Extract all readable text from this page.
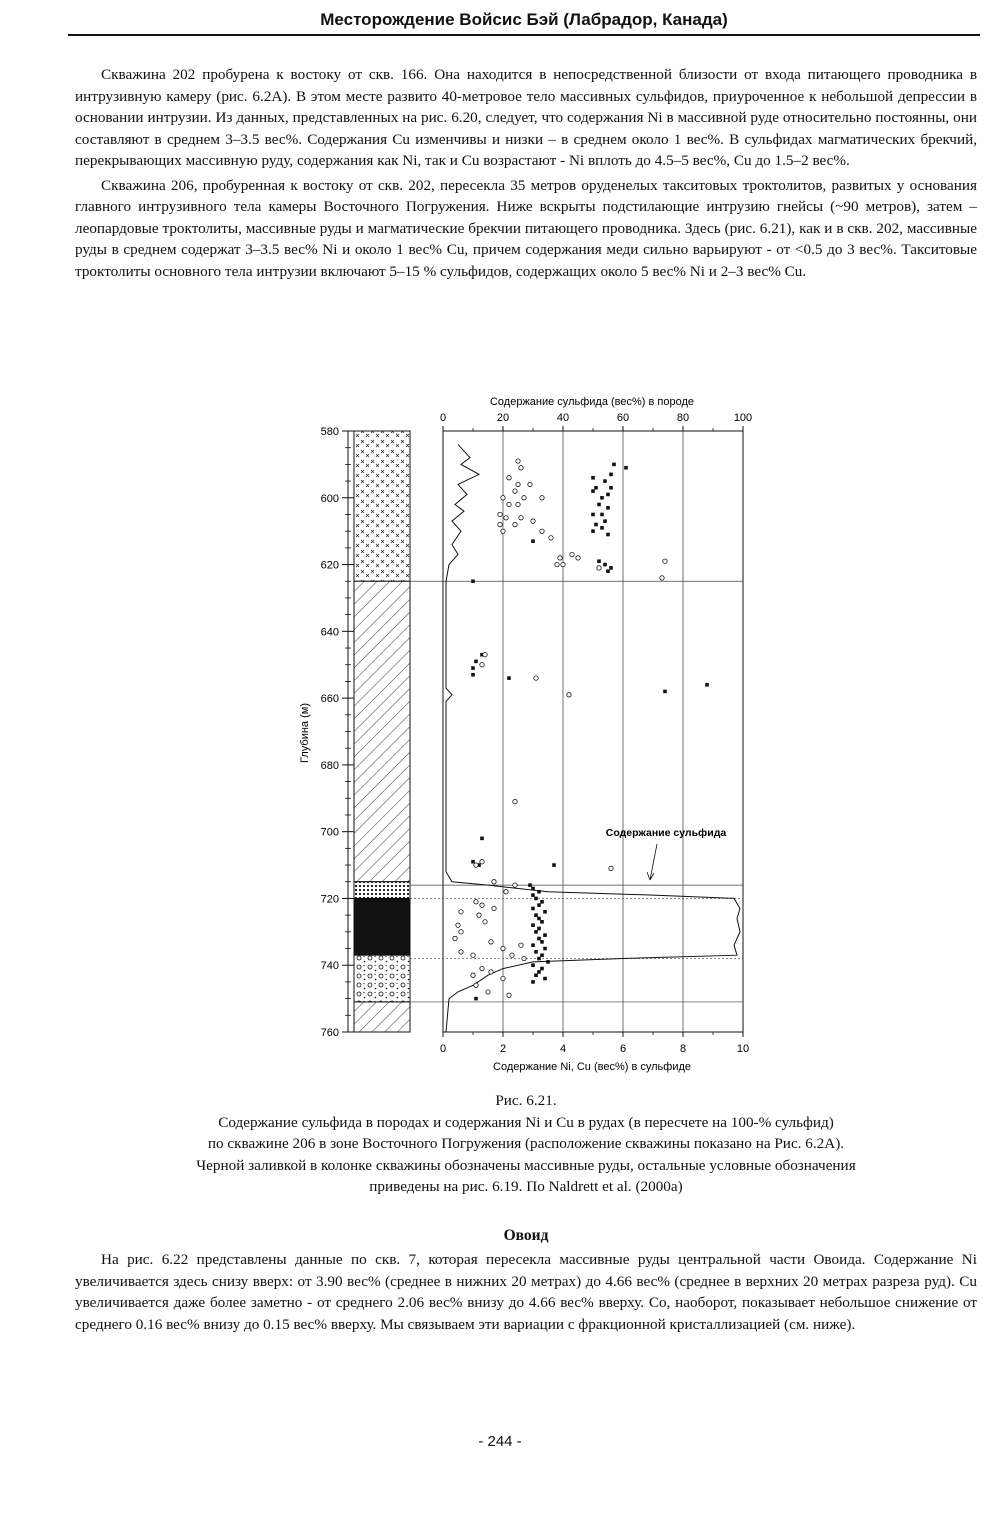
Месторождение Войсис Бэй (Лабрадор, Канада)

Скважина 202 пробурена к востоку от скв. 166. Она находится в непосредственной близости от входа питающего проводника в интрузивную камеру (рис. 6.2А). В этом месте развито 40-метровое тело массивных сульфидов, приуроченное к небольшой депрессии в основании интрузии. Из данных, представленных на рис. 6.20, следует, что содержания Ni в массивной руде относительно постоянны, они составляют в среднем 3–3.5 вес%. Содержания Cu изменчивы и низки – в среднем около 1 вес%. В сульфидах магматических брекчий, перекрывающих массивную руду, содержания как Ni, так и Cu возрастают - Ni вплоть до 4.5–5 вес%, Cu до 1.5–2 вес%.

Скважина 206, пробуренная к востоку от скв. 202, пересекла 35 метров оруденелых такситовых троктолитов, развитых у основания главного интрузивного тела камеры Восточного Погружения. Ниже вскрыты подстилающие интрузию гнейсы (~90 метров), затем – леопардовые троктолиты, массивные руды и магматические брекчии питающего проводника. Здесь (рис. 6.21), как и в скв. 202, массивные руды в среднем содержат 3–3.5 вес% Ni и около 1 вес% Cu, причем содержания меди сильно варьируют - от <0.5 до 3 вес%. Такситовые троктолиты основного тела интрузии включают 5–15 % сульфидов, содержащих около 5 вес% Ni и 2–3 вес% Cu.

Содержание сульфида (вес%) в породе
0	20	40	60	80	100
Глубина (м)
580
600
620
640
660
680
700
720
740
760
Содержание сульфида
0	2	4	6	8	10
Содержание Ni, Cu (вес%) в сульфиде
Рис. 6.21.
Содержание сульфида в породах и содержания Ni и Cu в рудах (в пересчете на 100-% сульфид)
по скважине 206 в зоне Восточного Погружения (расположение скважины показано на Рис. 6.2А).
Черной заливкой в колонке скважины обозначены массивные руды, остальные условные обозначения
приведены на рис. 6.19. По Naldrett et al. (2000a)
Овоид

На рис. 6.22 представлены данные по скв. 7, которая пересекла массивные руды центральной части Овоида. Содержание Ni увеличивается здесь снизу вверх: от 3.90 вес% (среднее в нижних 20 метрах) до 4.66 вес% (среднее в верхних 20 метрах разреза руд). Cu увеличивается даже более заметно - от среднего 2.06 вес% внизу до 4.66 вес% вверху. Co, наоборот, показывает небольшое снижение от среднего 0.16 вес% внизу до 0.15 вес% вверху. Мы связываем эти вариации с фракционной кристаллизацией (см. ниже).

- 244 -
